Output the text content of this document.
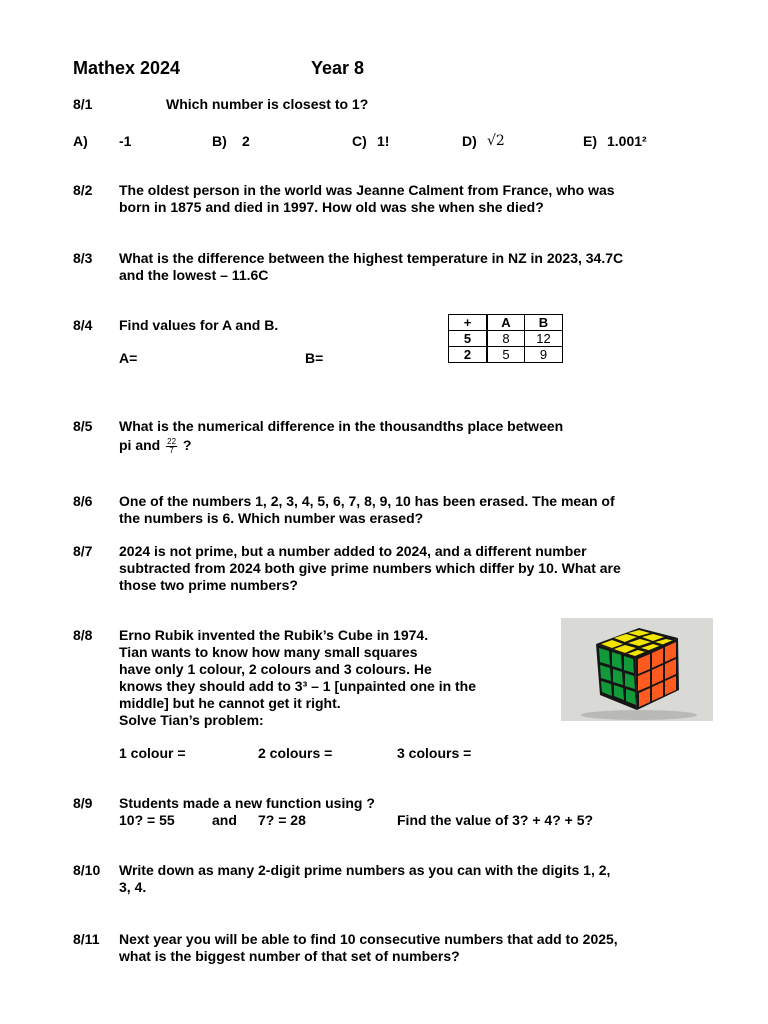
Mathex 2024	Year 8
8/1	Which number is closest to 1?
A) -1	B) 2	C) 1!	D) √2	E) 1.001²
8/2 The oldest person in the world was Jeanne Calment from France, who was
born in 1875 and died in 1997. How old was she when she died?
8/3 What is the difference between the highest temperature in NZ in 2023, 34.7C
and the lowest – 11.6C
8/4 Find values for A and B.
A=	B=
+	A	B
5	8	12
2	5	9
8/5 What is the numerical difference in the thousandths place between
pi and $\frac{22}{7}$ ?
8/6 One of the numbers 1, 2, 3, 4, 5, 6, 7, 8, 9, 10 has been erased. The mean of
the numbers is 6. Which number was erased?
8/7 2024 is not prime, but a number added to 2024, and a different number
subtracted from 2024 both give prime numbers which differ by 10. What are
those two prime numbers?
8/8 Erno Rubik invented the Rubik’s Cube in 1974.
Tian wants to know how many small squares
have only 1 colour, 2 colours and 3 colours. He
knows they should add to 3³ – 1 [unpainted one in the
middle] but he cannot get it right.
Solve Tian’s problem:
1 colour =	2 colours =	3 colours =
8/9 Students made a new function using ?
10? = 55	and 7? = 28	Find the value of 3? + 4? + 5?
8/10 Write down as many 2-digit prime numbers as you can with the digits 1, 2,
3, 4.
8/11 Next year you will be able to find 10 consecutive numbers that add to 2025,
what is the biggest number of that set of numbers?
